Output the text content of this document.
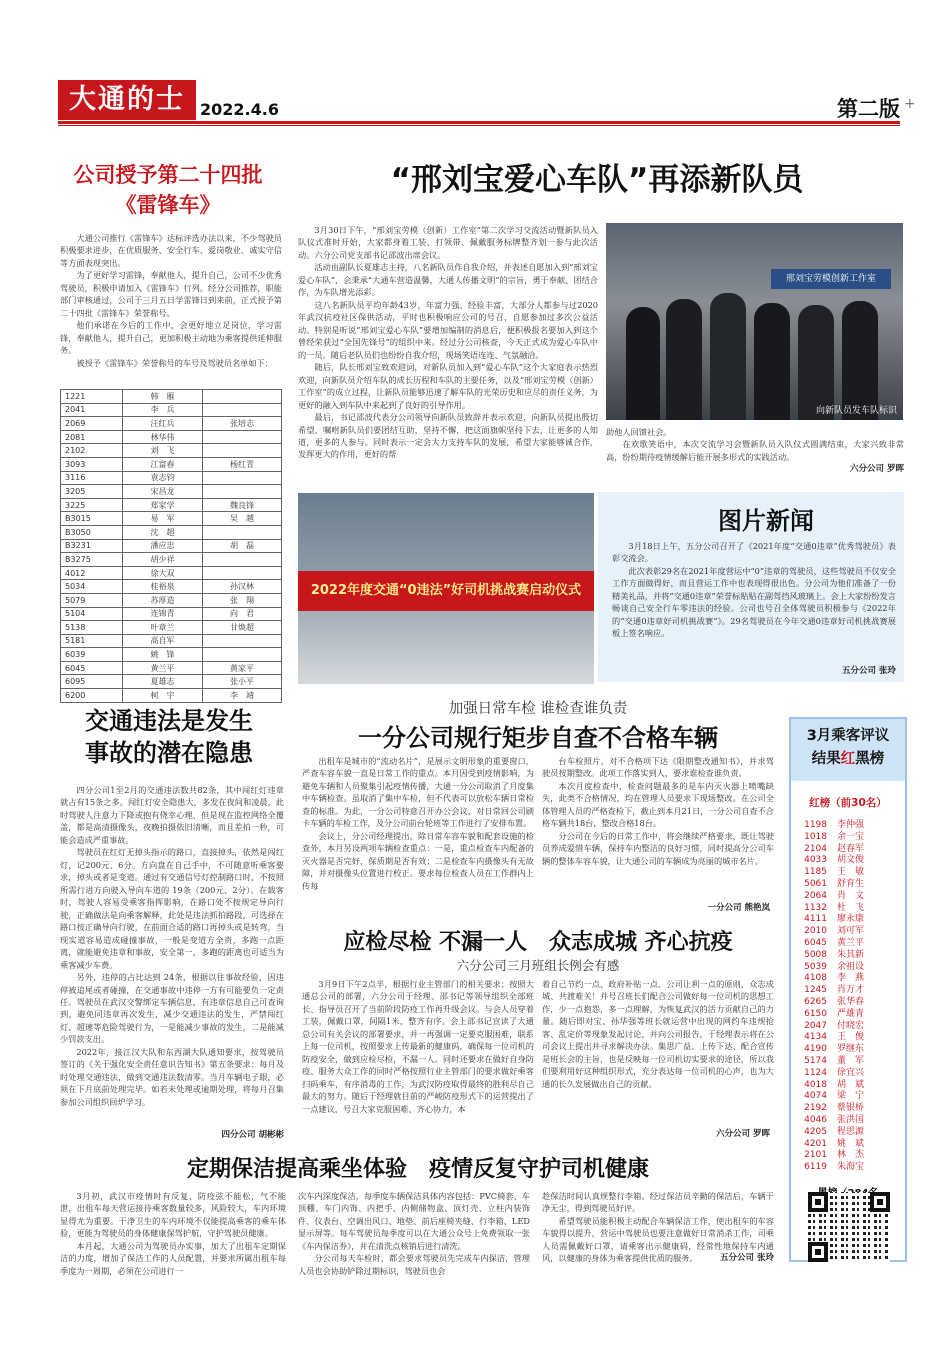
+
大通的士 2022.4.6	第二版
公司授予第二十四批
《雷锋车》

大通公司推行《雷锋车》达标评选办法以来，不少驾驶员积极要求进步，在优质服务、安全行车、爱岗敬业、诚实守信等方面表现突出。

为了更好学习雷锋，奉献他人，提升自己，公司不少优秀驾驶员，积极申请加入《雷锋车》行列。经分公司推荐，职能部门审核通过，公司于三月五日学雷锋日到来前，正式授予第二十四批《雷锋车》荣誉称号。

他们承诺在今后的工作中，会更好地立足岗位，学习雷锋，奉献他人，提升自己，更加积极主动地为乘客提供延伸服务。

被授予《雷锋车》荣誉称号的车号及驾驶员名单如下：

1221	韩　雁	
2041	李　兵	
2069	汪红兵	张培志
2081	林华伟	
2102	刘　飞	
3093	江富春	杨红青
3116	袁志钧	
3205	宋昌龙	
3225	郑家学	魏良锋
B3015	易　军	吴　越
B3050	沈　超	
B3231	潘应忠	胡　磊
B3275	胡少祥	
4012	徐大双	
5034	桂裕泉	孙汉林
5079	苏厚造	张　翔
5104	连锦青	向　君
5138	叶章兰	甘焕超
5181	高自军	
6039	姚　锋	
6045	黄兰平	黄家平
6095	夏雄志	张小平
6200	柯　宇	李　靖
“邢刘宝爱心车队”再添新队员

3月30日下午，“邢刘宝劳模（创新）工作室”第二次学习交流活动暨新队员入队仪式准时开始，大家都身着工装、打领带、佩戴服务标牌整齐划一参与此次活动。六分公司党支部书记邵波出席会议。

活动由副队长夏雄志主持，八名新队员作自我介绍，并表述自愿加入到“邢刘宝爱心车队”，会秉承“大通车营造温馨，大通人传播文明”的宗旨，勇于奉献、团结合作，为车队增光添彩。

这八名新队员平均年龄43岁，年富力强、经验丰富，大部分人都参与过2020年武汉抗疫社区保供活动，平时也积极响应公司的号召，自愿参加过多次公益活动。特别是听说“邢刘宝爱心车队”要增加编制的消息后，便积极报名要加入到这个曾经荣获过“全国先锋号”的组织中来。经过分公司核查，今天正式成为爱心车队中的一员。随后老队员们也纷纷自我介绍，现场笑语连连、气氛融洽。

随后，队长邢刘宝致欢迎词，对新队员加入到“爱心车队”这个大家庭表示热烈欢迎，向新队员介绍车队的成长历程和车队的主要任务，以及“邢刘宝劳模（创新）工作室”的成立过程，让新队员能够迅速了解车队的光荣历史和应尽的责任义务，为更好的融入到车队中来起到了良好的引导作用。

最后，书记邵波代表分公司领导向新队员致辞并表示欢迎，向新队员提出殷切希望，嘱咐新队员们要团结互助，坚持不懈，把这面旗帜坚持下去，让更多的人知道，更多的人参与。同时表示一定会大力支持车队的发展，希望大家能够诚合作，发挥更大的作用，更好的帮

邢刘宝劳模创新工作室
向新队员发车队标识

助他人回馈社会。

在欢歌笑语中，本次交流学习会暨新队员入队仪式圆满结束，大家兴致非常高，纷纷期待疫情缓解后能开展多形式的实践活动。

六分公司 罗晖
2022年度交通“0违法”好司机挑战赛启动仪式
图片新闻

3月18日上午，五分公司召开了《2021年度“交通0违章”优秀驾驶员》表彰交流会。

此次表彰29名在2021年度营运中“0”违章的驾驶员，这些驾驶员不仅安全工作方面做得好，而且营运工作中也表现得很出色。分公司为他们准备了一份精美礼品，并将“交通0违章”荣誉标贴贴在副驾挡风玻璃上。会上大家纷纷发言畅谈自己安全行车零违法的经验。公司也号召全体驾驶员积极参与《2022年的“交通0违章好司机挑战赛”》。29名驾驶员在今年交通0违章好司机挑战赛展板上签名响应。

五分公司 张玲
交通违法是发生
事故的潜在隐患

四分公司1至2月的交通违法数共82条，其中闯红灯违章就占有15条之多。闯红灯安全隐患大，多发在夜间和凌晨，此时驾驶人注意力下降或抱有侥幸心理，但是现在监控网络全覆盖，都是高清摄像头，夜晚拍摄依旧清晰，而且差拍一秒，可能会造成严重事故。

驾驶员在红灯无掉头指示的路口，直接掉头，依然是闯红灯，记200元、6分。方向盘在自己手中，不可随意听乘客要求，掉头或者是变道。通过有交通信号灯控制路口时，不按照所需行进方向驶入导向车道的 19条（200元、2分）。在载客时，驾驶人容易受乘客指挥影响，在路口处不按规定导向行驶，正确做法是向乘客解释，此处是违法抓拍路段，可选择在路口按正确导向行驶，在前面合适的路口再掉头或是转弯，当现实道容易造成碰撞事故，一般是变道方全责，多跑一点距离，就能避免违章和事故，安全第一，多跑的距离也可适当为乘客减少车费。

另外，违停的占比达到 24条，根据以往事故经验，因违停被追尾或者碰撞，在交通事故中违停一方有可能要负一定责任。驾驶员在武汉交警绑定车辆信息，有违章信息自己可查询到，避免同违章再次发生，减少交通违法的发生，严禁闯红灯、超速等危险驾驶行为，一是能减少事故的发生，二是能减少罚款支出。

2022年，接江汉大队和东西湖大队通知要求，按驾驶员签订的《关于强化安全责任意识告知书》第五条要求：每月及时处理交通违法，做到交通违法数清零。当月车辆电子眼，必须在下月底前处理完毕。如若未处理或逾期处理，将每月召集参加公司组织回炉学习。

四分公司 胡彬彬
加强日常车检 谁检查谁负责
一分公司规行矩步自查不合格车辆

出租车是城市的“流动名片”，是展示文明形象的重要窗口，严查车容车貌一直是日常工作的重点。本月因受到疫情影响，为避免车辆和人员聚集引起疫情传播，大通一分公司取消了月度集中车辆检查。虽取消了集中车检，但不代表可以放松车辆日常检查的标准。为此，一分公司特意召开办公会议，对日常回公司刷卡车辆的车检工作，及分公司前台轮班等工作进行了安排布置。

会议上，分公司经理提出，除日常车容车貌和配套设施的检查外，本月另设两项车辆检查重点：一是，重点检查车内配备的灭火器是否完好，保质期是否有效；二是检查车内摄像头有无故障，并对摄像头位置进行校正。要求每位检查人员在工作群内上传每

台车检照片，对不合格项下达《限期整改通知书》，并求驾驶员按期整改。此项工作落实到人，要求谁检查谁负责。

本次月度检查中，检查问题最多的是车内灭火器上喷嘴缺失，此类不合格情况，均在管理人员要求下现场整改。在公司全体管理人员的严格查检下，截止到本月21日，一分公司自查不合格车辆共18台，整改合格18台。

分公司在今后的日常工作中，将会继续严格要求，既让驾驶员养成爱惜车辆，保持车内整洁的良好习惯，同时提高分公司车辆的整体车容车貌，让大通公司的车辆成为亮丽的城市名片。

一分公司 熊艳岚
应检尽检 不漏一人　众志成城 齐心抗疫
六分公司三月班组长例会有感

3月9日下午2点半，根据行业主管部门的相关要求；按照大通总公司的部署，六分公司于经理、邵书记等领导组织全部班长、指导员召开了当前阶段防疫工作再升级会议。与会人员穿着工装，佩戴口罩，间隔1米，整齐有序。会上邵书记宣读了大通总公司有关会议的部署要求，并一再强调一定要克服困难，联系上每一位司机，按照要求上传最新的健康码，确保每一位司机的防疫安全，做到应检尽检，不漏一人。同时还要求在做好自身防疫、服务大众工作的同时严格按照行业主管部门的要求做好乘客扫码乘车，有序消毒的工作，为武汉防疫取得最终的胜利尽自己最大的努力。随后于经理就目前的严峻防疫形式下的运营提出了一点建议，号召大家克服困难、齐心协力，本

着自己节约一点、政府补贴一点、公司让利一点的原则，众志成城、共渡难关！并号召班长们配合公司做好每一位司机的思想工作，少一点抱怨，多一点理解，为恢复武汉的活力贡献自己的力量。随后即对宝、孙华强等班长就运营中出现的网约车违规抢客、乱定价等现象发起讨论，并向公司报告，于经理表示将在公司会议上提出并寻求解决办法。集思广益、上传下达、配合宣传是班长会的主旨，也是反映每一位司机切实要求的途径，所以我们要利用好这种组织形式，充分表达每一位司机的心声，也为大通的长久发展做出自己的贡献。

六分公司 罗晖
定期保洁提高乘坐体验　疫情反复守护司机健康

3月初，武汉市疫情时有反复，防疫弦不能松，气不能泄，出租车每天营运接待乘客数量较多，风险较大，车内环境显得尤为重要。干净卫生的车内环境不仅能提高乘客的乘车体验，更能为驾驶员的身体健康保驾护航，守护驾驶员健康。

本月起，大通公司为驾驶员办实事，加大了出租车定期保洁的力度，增加了保洁工作的人员配置，并要求所属出租车每季度为一周期，必须在公司进行一

次车内深度保洁，每季度车辆保洁具体内容包括：PVC椅套、车顶棚、车门内饰、内把手、内侧储物盒、顶灯壳、立柱内装饰件、仪表台、空调出风口、地垫、前后座椅夹缝、行李箱、LED显示屏等。每车驾驶员每季度可以在大通公众号上免费领取一张《车内保洁券》，并在清洗点核销后进行清洗。

分公司每天车检时，都会要求驾驶员先完成车内保洁，管理人员也会协助铲除过期标识，驾驶员也会

趁保洁时间认真规整行李箱。经过保洁员辛勤的保洁后，车辆干净无尘，得到驾驶员好评。

希望驾驶员能积极主动配合车辆保洁工作，使出租车的车容车貌得以提升，营运中驾驶员也要注意做好日常消杀工作，司乘人员需佩戴好口罩，请乘客出示健康码，经常性地保持车内通风，以健康的身体为乘客提供优质的服务。	五分公司 张玲
3月乘客评议
结果红黑榜
红榜（前30名）
1198	李仲强
1018	余一宝
2104	赵春军
4033	胡文俊
1185	王　敏
5061	舒育生
2064	肖　文
1132	杜　飞
4111	廖永康
2010	刘可军
6045	黄兰平
5008	朱其新
5039	余祖设
4108	李　燕
1245	肖万才
6265	张华春
6150	严雄青
2047	付晓宏
4134	王　俊
4190	罗继东
5174	董　军
1124	徐宜兴
4018	胡　斌
4074	梁　宁
2192	蔡银桥
4046	张洪国
4205	程思源
4201	姚　斌
2101	林　杰
6119	朱海宝
